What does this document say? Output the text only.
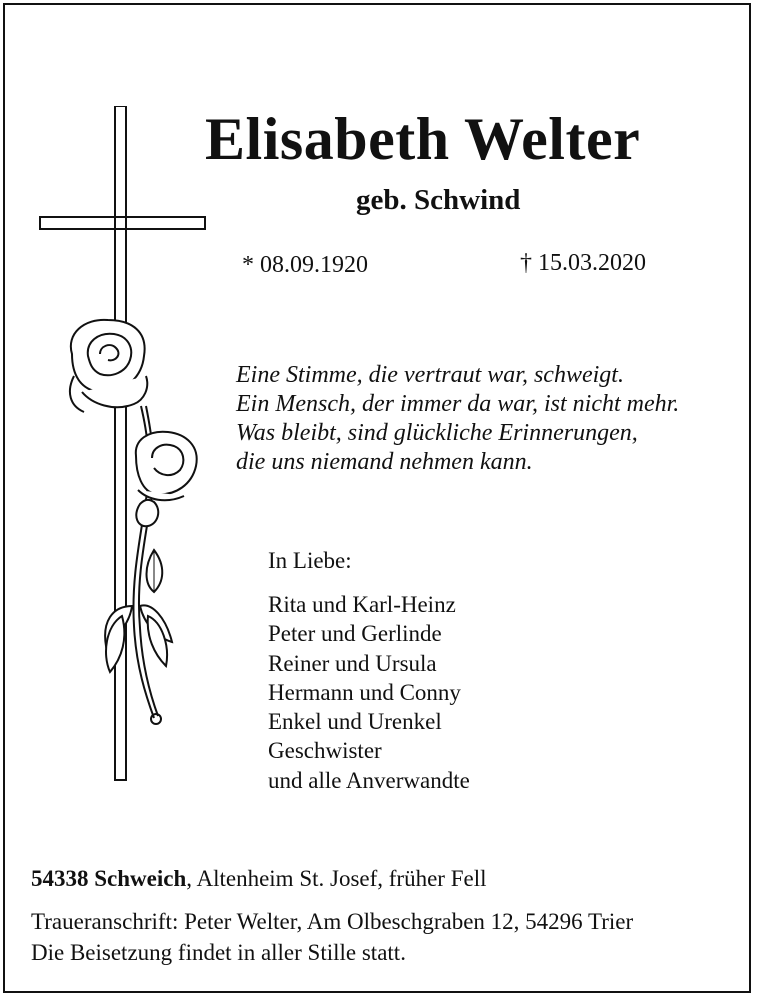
Elisabeth Welter
geb. Schwind
* 08.09.1920	† 15.03.2020
Eine Stimme, die vertraut war, schweigt.
Ein Mensch, der immer da war, ist nicht mehr.
Was bleibt, sind glückliche Erinnerungen,
die uns niemand nehmen kann.
In Liebe:
Rita und Karl-Heinz
Peter und Gerlinde
Reiner und Ursula
Hermann und Conny
Enkel und Urenkel
Geschwister
und alle Anverwandte
54338 Schweich, Altenheim St. Josef, früher Fell
Traueranschrift: Peter Welter, Am Olbeschgraben 12, 54296 Trier
Die Beisetzung findet in aller Stille statt.
